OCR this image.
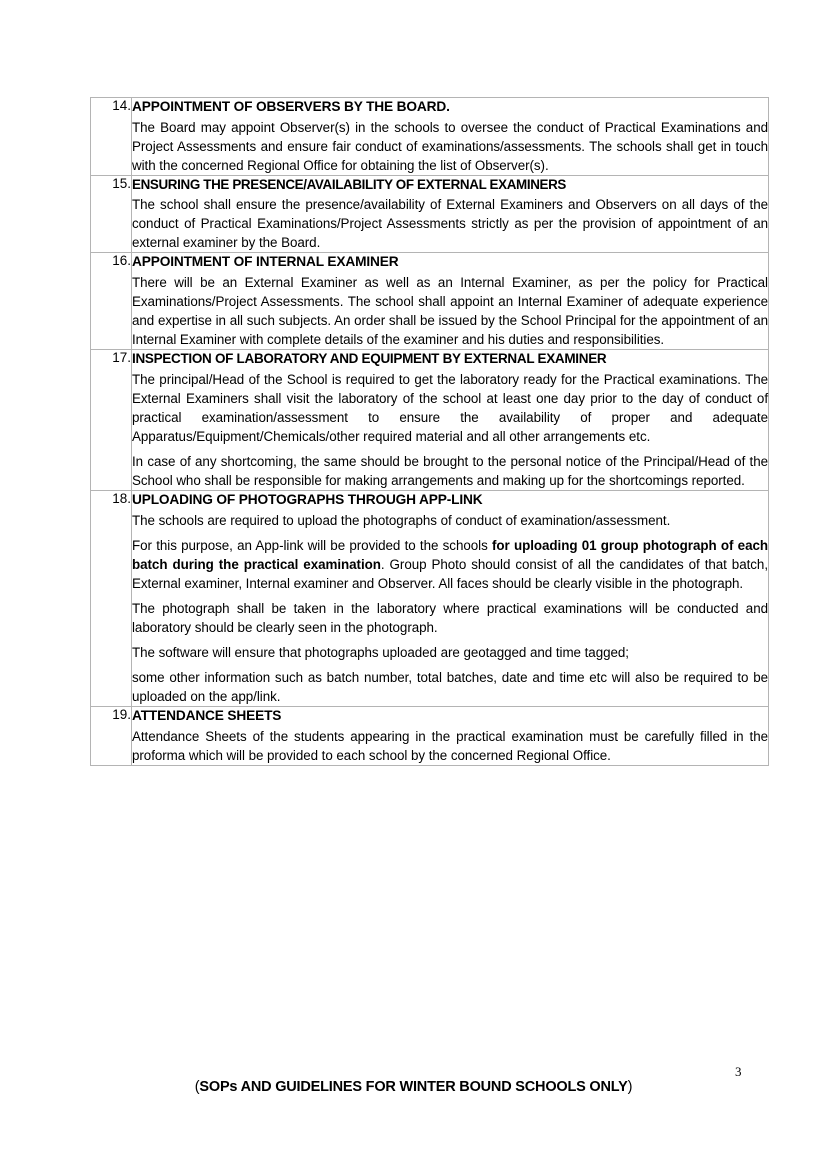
14.	APPOINTMENT OF OBSERVERS BY THE BOARD.

The Board may appoint Observer(s) in the schools to oversee the conduct of Practical Examinations and Project Assessments and ensure fair conduct of examinations/assessments. The schools shall get in touch with the concerned Regional Office for obtaining the list of Observer(s).

15.	ENSURING THE PRESENCE/AVAILABILITY OF EXTERNAL EXAMINERS

The school shall ensure the presence/availability of External Examiners and Observers on all days of the conduct of Practical Examinations/Project Assessments strictly as per the provision of appointment of an external examiner by the Board.

16.	APPOINTMENT OF INTERNAL EXAMINER

There will be an External Examiner as well as an Internal Examiner, as per the policy for Practical Examinations/Project Assessments. The school shall appoint an Internal Examiner of adequate experience and expertise in all such subjects. An order shall be issued by the School Principal for the appointment of an Internal Examiner with complete details of the examiner and his duties and responsibilities.

17.	INSPECTION OF LABORATORY AND EQUIPMENT BY EXTERNAL EXAMINER

The principal/Head of the School is required to get the laboratory ready for the Practical examinations. The External Examiners shall visit the laboratory of the school at least one day prior to the day of conduct of practical examination/assessment to ensure the availability of proper and adequate Apparatus/Equipment/Chemicals/other required material and all other arrangements etc.

In case of any shortcoming, the same should be brought to the personal notice of the Principal/Head of the School who shall be responsible for making arrangements and making up for the shortcomings reported.

18.	UPLOADING OF PHOTOGRAPHS THROUGH APP-LINK

The schools are required to upload the photographs of conduct of examination/assessment.

For this purpose, an App-link will be provided to the schools for uploading 01 group photograph of each batch during the practical examination. Group Photo should consist of all the candidates of that batch, External examiner, Internal examiner and Observer. All faces should be clearly visible in the photograph.

The photograph shall be taken in the laboratory where practical examinations will be conducted and laboratory should be clearly seen in the photograph.

The software will ensure that photographs uploaded are geotagged and time tagged;

some other information such as batch number, total batches, date and time etc will also be required to be uploaded on the app/link.

19.	ATTENDANCE SHEETS

Attendance Sheets of the students appearing in the practical examination must be carefully filled in the proforma which will be provided to each school by the concerned Regional Office.

3
(SOPs AND GUIDELINES FOR WINTER BOUND SCHOOLS ONLY)
